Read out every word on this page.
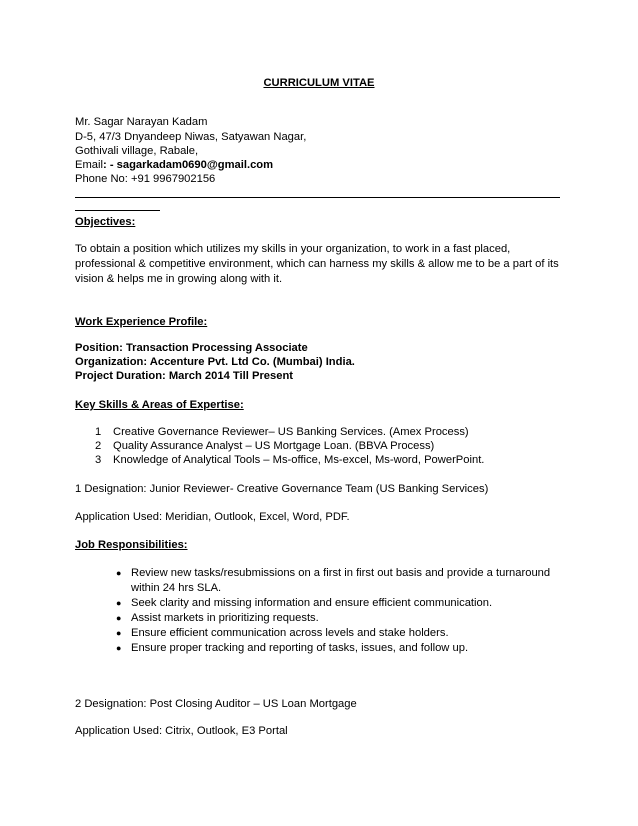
CURRICULUM VITAE
Mr. Sagar Narayan Kadam
D-5, 47/3 Dnyandeep Niwas, Satyawan Nagar,
Gothivali village, Rabale,
Email: - sagarkadam0690@gmail.com
Phone No: +91 9967902156
Objectives:
To obtain a position which utilizes my skills in your organization, to work in a fast placed, professional & competitive environment, which can harness my skills & allow me to be a part of its vision & helps me in growing along with it.
Work Experience Profile:
Position: Transaction Processing Associate
Organization: Accenture Pvt. Ltd Co. (Mumbai) India.
Project Duration: March 2014 Till Present
Key Skills & Areas of Expertise:
1 Creative Governance Reviewer– US Banking Services. (Amex Process)
2 Quality Assurance Analyst – US Mortgage Loan. (BBVA Process)
3 Knowledge of Analytical Tools – Ms-office, Ms-excel, Ms-word, PowerPoint.
1 Designation: Junior Reviewer- Creative Governance Team (US Banking Services)
Application Used: Meridian, Outlook, Excel, Word, PDF.
Job Responsibilities:
● Review new tasks/resubmissions on a first in first out basis and provide a turnaround within 24 hrs SLA.
● Seek clarity and missing information and ensure efficient communication.
● Assist markets in prioritizing requests.
● Ensure efficient communication across levels and stake holders.
● Ensure proper tracking and reporting of tasks, issues, and follow up.
2 Designation: Post Closing Auditor – US Loan Mortgage
Application Used: Citrix, Outlook, E3 Portal
